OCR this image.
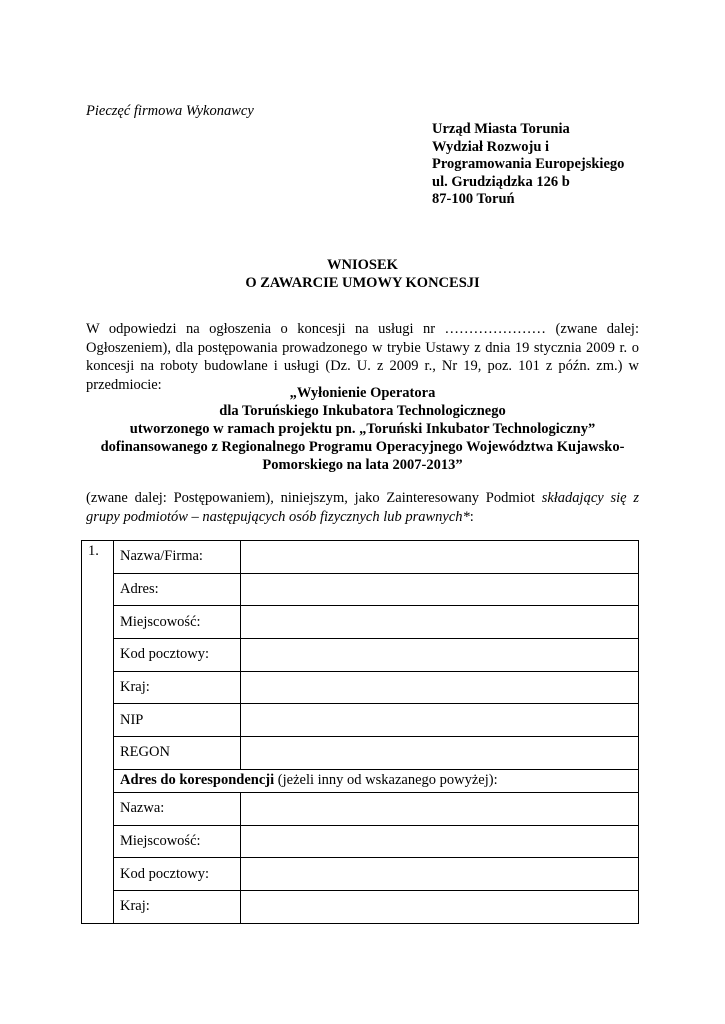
Pieczęć firmowa Wykonawcy
Urząd Miasta Torunia
Wydział Rozwoju i
Programowania Europejskiego
ul. Grudziądzka 126 b
87-100 Toruń
WNIOSEK
O ZAWARCIE UMOWY KONCESJI
W odpowiedzi na ogłoszenia o koncesji na usługi nr ………………… (zwane dalej: Ogłoszeniem), dla postępowania prowadzonego w trybie Ustawy z dnia 19 stycznia 2009 r. o koncesji na roboty budowlane i usługi (Dz. U. z 2009 r., Nr 19, poz. 101 z późn. zm.) w przedmiocie:
„Wyłonienie Operatora
dla Toruńskiego Inkubatora Technologicznego
utworzonego w ramach projektu pn. „Toruński Inkubator Technologiczny”
dofinansowanego z Regionalnego Programu Operacyjnego Województwa Kujawsko-
Pomorskiego na lata 2007-2013”
(zwane dalej: Postępowaniem), niniejszym, jako Zainteresowany Podmiot składający się z grupy podmiotów – następujących osób fizycznych lub prawnych*:
1.	Nazwa/Firma:	
	Adres:	
	Miejscowość:	
	Kod pocztowy:	
	Kraj:	
	NIP	
	REGON	
	Adres do korespondencji (jeżeli inny od wskazanego powyżej):	
	Nazwa:	
	Miejscowość:	
	Kod pocztowy:	
	Kraj:	
